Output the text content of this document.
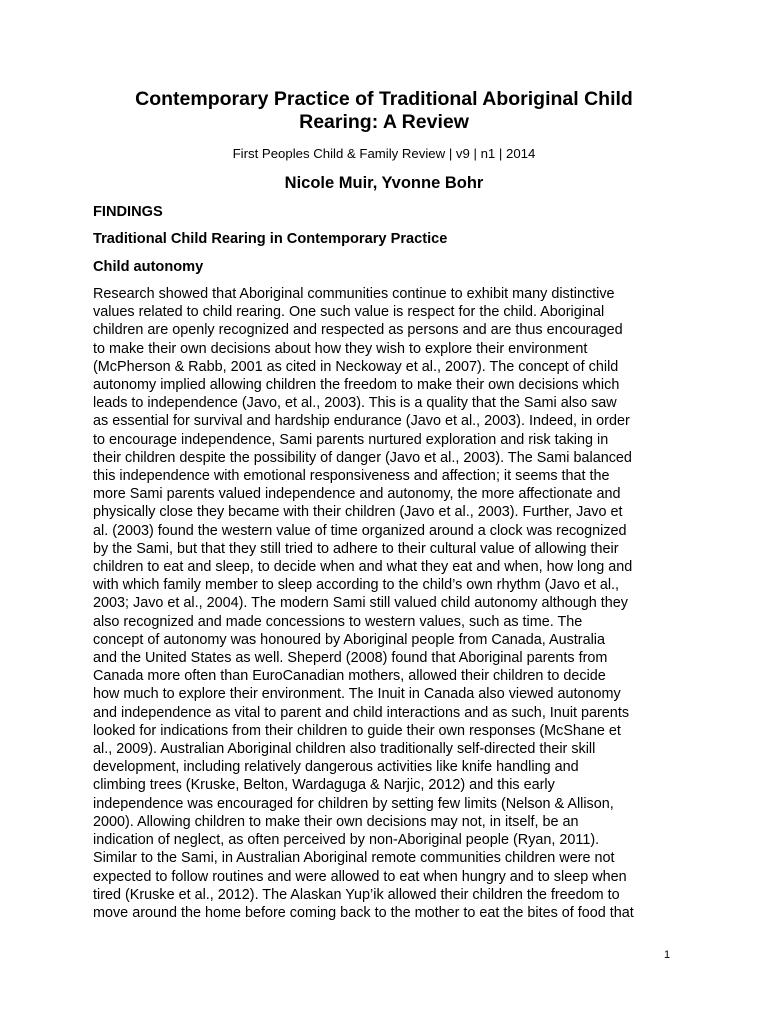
Contemporary Practice of Traditional Aboriginal Child
Rearing: A Review
First Peoples Child & Family Review | v9 | n1 | 2014
Nicole Muir, Yvonne Bohr
FINDINGS
Traditional Child Rearing in Contemporary Practice
Child autonomy
Research showed that Aboriginal communities continue to exhibit many distinctive
values related to child rearing. One such value is respect for the child. Aboriginal
children are openly recognized and respected as persons and are thus encouraged
to make their own decisions about how they wish to explore their environment
(McPherson & Rabb, 2001 as cited in Neckoway et al., 2007). The concept of child
autonomy implied allowing children the freedom to make their own decisions which
leads to independence (Javo, et al., 2003). This is a quality that the Sami also saw
as essential for survival and hardship endurance (Javo et al., 2003). Indeed, in order
to encourage independence, Sami parents nurtured exploration and risk taking in
their children despite the possibility of danger (Javo et al., 2003). The Sami balanced
this independence with emotional responsiveness and affection; it seems that the
more Sami parents valued independence and autonomy, the more affectionate and
physically close they became with their children (Javo et al., 2003). Further, Javo et
al. (2003) found the western value of time organized around a clock was recognized
by the Sami, but that they still tried to adhere to their cultural value of allowing their
children to eat and sleep, to decide when and what they eat and when, how long and
with which family member to sleep according to the child’s own rhythm (Javo et al.,
2003; Javo et al., 2004). The modern Sami still valued child autonomy although they
also recognized and made concessions to western values, such as time. The
concept of autonomy was honoured by Aboriginal people from Canada, Australia
and the United States as well. Sheperd (2008) found that Aboriginal parents from
Canada more often than EuroCanadian mothers, allowed their children to decide
how much to explore their environment. The Inuit in Canada also viewed autonomy
and independence as vital to parent and child interactions and as such, Inuit parents
looked for indications from their children to guide their own responses (McShane et
al., 2009). Australian Aboriginal children also traditionally self-directed their skill
development, including relatively dangerous activities like knife handling and
climbing trees (Kruske, Belton, Wardaguga & Narjic, 2012) and this early
independence was encouraged for children by setting few limits (Nelson & Allison,
2000). Allowing children to make their own decisions may not, in itself, be an
indication of neglect, as often perceived by non-Aboriginal people (Ryan, 2011).
Similar to the Sami, in Australian Aboriginal remote communities children were not
expected to follow routines and were allowed to eat when hungry and to sleep when
tired (Kruske et al., 2012). The Alaskan Yup’ik allowed their children the freedom to
move around the home before coming back to the mother to eat the bites of food that
1
